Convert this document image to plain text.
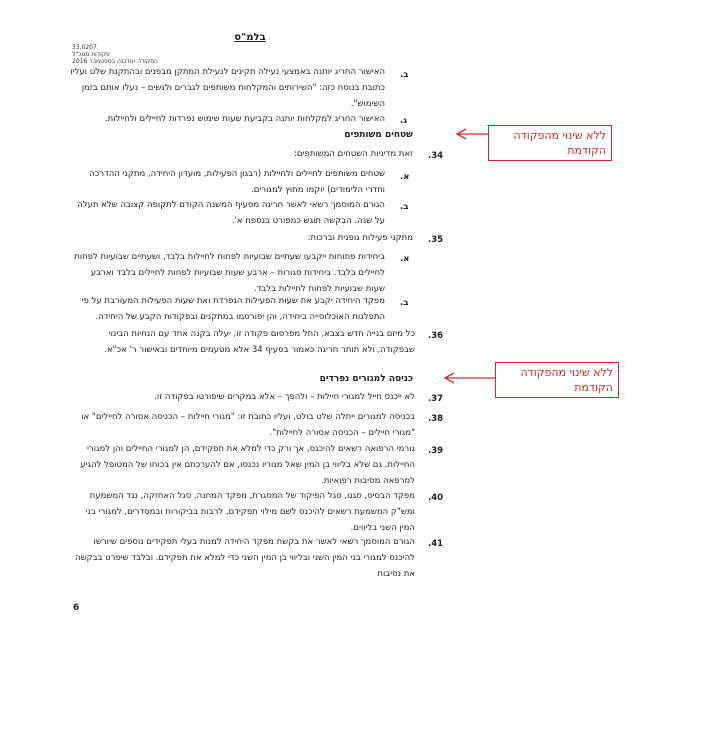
בלמ"ס
33.0207
פקודות מטכ"ל
הפקודה עודכנה בספטמבר 2016
.ב
האישור החריג יותנה באמצעי נעילה תקינים לנעילת המתקן מבפנים ובהתקנת שלט ועליו כתובת בנוסח כזה: "השירותים והמקלחות משותפים לגברים ולנשים – נעלו אותם בזמן השימוש".
.ג
האישור החריג למקלחות יותנה בקביעת שעות שימוש נפרדות לחיילים ולחיילות.
שטחים משותפים
.34
זאת מדיניות השטחים המשותפים:
.א
שטחים משותפים לחיילים ולחיילות (רבגון הפעילות, מועדון היחידה, מתקני ההדרכה וחדרי הלימודים) יוקמו מחוץ למגורים.
.ב
הגורם המוסמך רשאי לאשר חריגה מסעיף המשנה הקודם לתקופה קצובה שלא תעלה על שנה. הבקשה תוגש כמפורט בנספח א'.
.35
מתקני פעילות גופנית וברכות:
.א
ביחידות פתוחות ייקבעו שעתיים שבועיות לפחות לחיילות בלבד, ושעתיים שבועיות לפחות לחיילים בלבד. ביחידות סגורות – ארבע שעות שבועיות לפחות לחיילים בלבד וארבע שעות שבועיות לפחות לחיילות בלבד.
.ב
מפקד היחידה יקבע את שעות הפעילות הנפרדת ואת שעות הפעילות המעורבת על פי התפלגות האוכלוסייה ביחידה, והן יפורסמו במתקנים ובפקודות הקבע של היחידה.
.36
כל מיזם בנייה חדש בצבא, החל מפרסום פקודה זו, יעלה בקנה אחד עם הנחיות הבינוי שבפקודה, ולא תותר חריגה כאמור בסעיף 34 אלא מטעמים מיוחדים ובאישור ר' אכ"א.
כניסה למגורים נפרדים
.37
לא ייכנס חייל למגורי חיילות – ולהפך – אלא במקרים שיפורטו בפקודה זו.
.38
בכניסה למגורים ייתלה שלט בולט, ועליו כתובת זו: "מגורי חיילות – הכניסה אסורה לחיילים" או "מגורי חיילים – הכניסה אסורה לחיילות".
.39
גורמי הרפואה רשאים להיכנס, אך ורק כדי למלא את תפקידם, הן למגורי החיילים והן למגורי החיילות, גם שלא בליווי בן המין שאל מגוריו נכנסו, אם להערכתם אין בכוחו של המטופל להגיע למרפאה מסיבות רפואיות.
.40
מפקד הבסיס, סגנו, סגל הפיקוד של המסגרת, מפקד המחנה, סגל האחזקה, נגד המשמעת ומש"ק המשמעת רשאים להיכנס לשם מילוי תפקידם, לרבות בביקורות ובמסדרים, למגורי בני המין השני בליווים.
.41
הגורם המוסמך רשאי לאשר את בקשת מפקד היחידה למנות בעלי תפקידים נוספים שיורשו להיכנס למגורי בני המין השני ובליווי בן המין השני כדי למלא את תפקידם. ובלבד שיפרט בבקשה את נסיבות
ללא שינוי מהפקודה הקודמת
ללא שינוי מהפקודה הקודמת
6
